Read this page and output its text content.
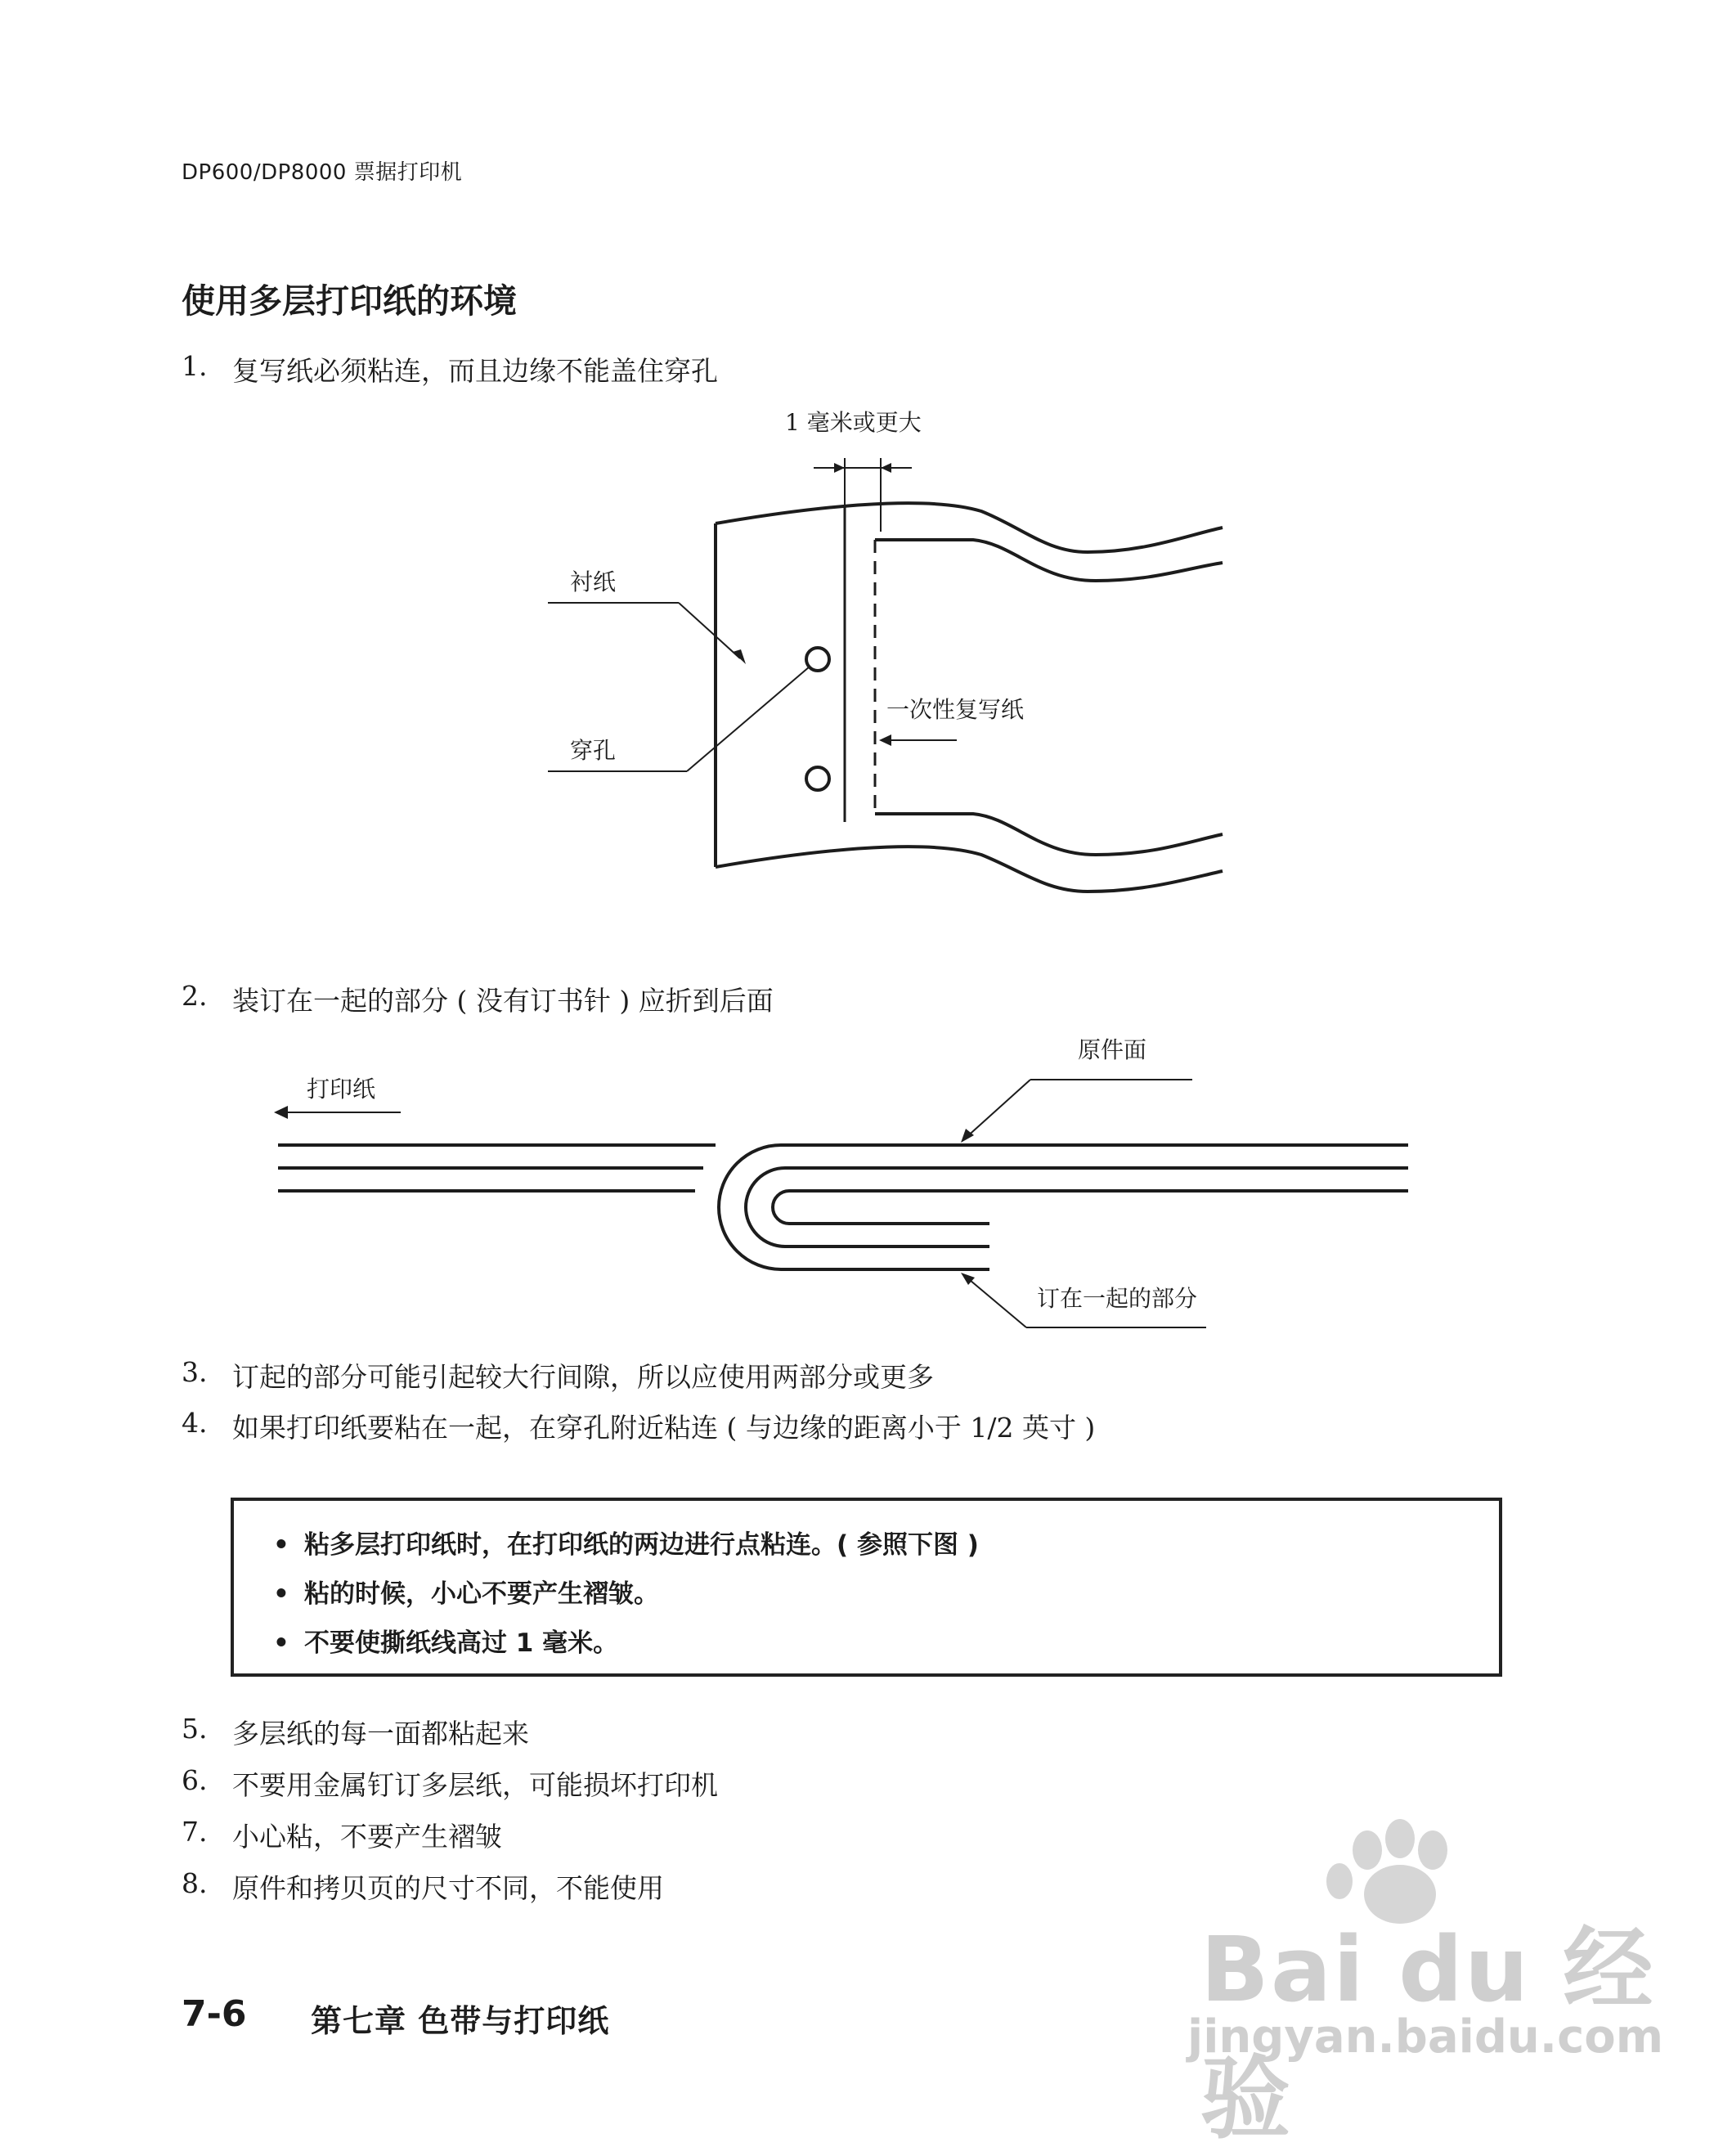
DP600/DP8000 票据打印机
使用多层打印纸的环境
1. 复写纸必须粘连，而且边缘不能盖住穿孔
1 毫米或更大
衬纸
穿孔
一次性复写纸
2. 装订在一起的部分 ( 没有订书针 ) 应折到后面
打印纸
原件面
订在一起的部分
3. 订起的部分可能引起较大行间隙，所以应使用两部分或更多
4. 如果打印纸要粘在一起，在穿孔附近粘连 ( 与边缘的距离小于 1/2 英寸 )
• 粘多层打印纸时，在打印纸的两边进行点粘连。( 参照下图 )
• 粘的时候，小心不要产生褶皱。
• 不要使撕纸线高过 1 毫米。
5. 多层纸的每一面都粘起来
6. 不要用金属钉订多层纸，可能损坏打印机
7. 小心粘，不要产生褶皱
8. 原件和拷贝页的尺寸不同，不能使用
7-6 第七章 色带与打印纸	Bai du 经验
jingyan.baidu.com
